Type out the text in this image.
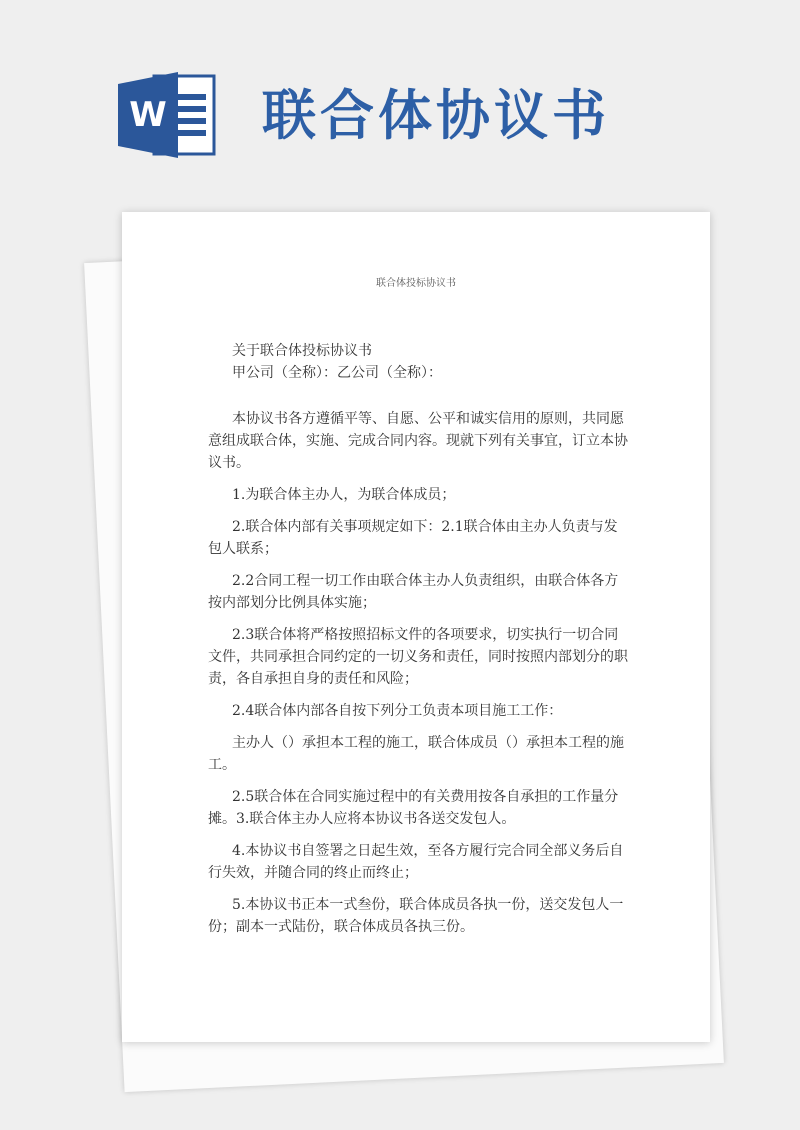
W 联合体协议书
联合体投标协议书

关于联合体投标协议书

甲公司（全称）：乙公司（全称）：

本协议书各方遵循平等、自愿、公平和诚实信用的原则，共同愿意组成联合体，实施、完成合同内容。现就下列有关事宜，订立本协议书。

1.为联合体主办人，为联合体成员；

2.联合体内部有关事项规定如下：2.1联合体由主办人负责与发包人联系；

2.2合同工程一切工作由联合体主办人负责组织，由联合体各方按内部划分比例具体实施；

2.3联合体将严格按照招标文件的各项要求，切实执行一切合同文件，共同承担合同约定的一切义务和责任，同时按照内部划分的职责，各自承担自身的责任和风险；

2.4联合体内部各自按下列分工负责本项目施工工作：

主办人（）承担本工程的施工，联合体成员（）承担本工程的施工。

2.5联合体在合同实施过程中的有关费用按各自承担的工作量分摊。3.联合体主办人应将本协议书各送交发包人。

4.本协议书自签署之日起生效，至各方履行完合同全部义务后自行失效，并随合同的终止而终止；

5.本协议书正本一式叁份，联合体成员各执一份，送交发包人一份；副本一式陆份，联合体成员各执三份。
